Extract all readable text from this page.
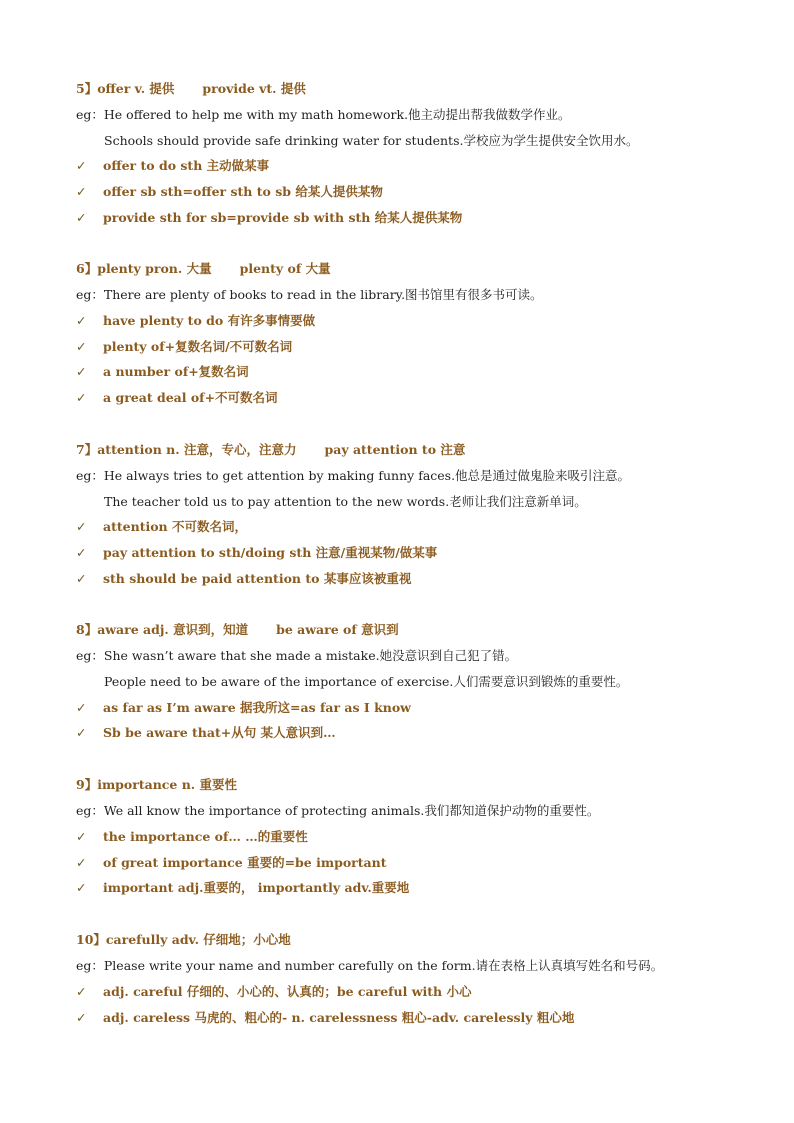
5】offer v. 提供 provide vt. 提供
eg：He offered to help me with my math homework.他主动提出帮我做数学作业。
Schools should provide safe drinking water for students.学校应为学生提供安全饮用水。
✓ offer to do sth 主动做某事
✓ offer sb sth=offer sth to sb 给某人提供某物
✓ provide sth for sb=provide sb with sth 给某人提供某物
6】plenty pron. 大量 plenty of 大量
eg：There are plenty of books to read in the library.图书馆里有很多书可读。
✓ have plenty to do 有许多事情要做
✓ plenty of+复数名词/不可数名词
✓ a number of+复数名词
✓ a great deal of+不可数名词
7】attention n. 注意，专心，注意力 pay attention to 注意
eg：He always tries to get attention by making funny faces.他总是通过做鬼脸来吸引注意。
The teacher told us to pay attention to the new words.老师让我们注意新单词。
✓ attention 不可数名词，
✓ pay attention to sth/doing sth 注意/重视某物/做某事
✓ sth should be paid attention to 某事应该被重视
8】aware adj. 意识到，知道 be aware of 意识到
eg：She wasn’t aware that she made a mistake.她没意识到自己犯了错。
People need to be aware of the importance of exercise.人们需要意识到锻炼的重要性。
✓ as far as I’m aware 据我所这=as far as I know
✓ Sb be aware that+从句 某人意识到…
9】importance n. 重要性
eg：We all know the importance of protecting animals.我们都知道保护动物的重要性。
✓ the importance of… …的重要性
✓ of great importance 重要的=be important
✓ important adj.重要的， importantly adv.重要地
10】carefully adv. 仔细地；小心地
eg：Please write your name and number carefully on the form.请在表格上认真填写姓名和号码。
✓ adj. careful 仔细的、小心的、认真的；be careful with 小心
✓ adj. careless 马虎的、粗心的- n. carelessness 粗心-adv. carelessly 粗心地
